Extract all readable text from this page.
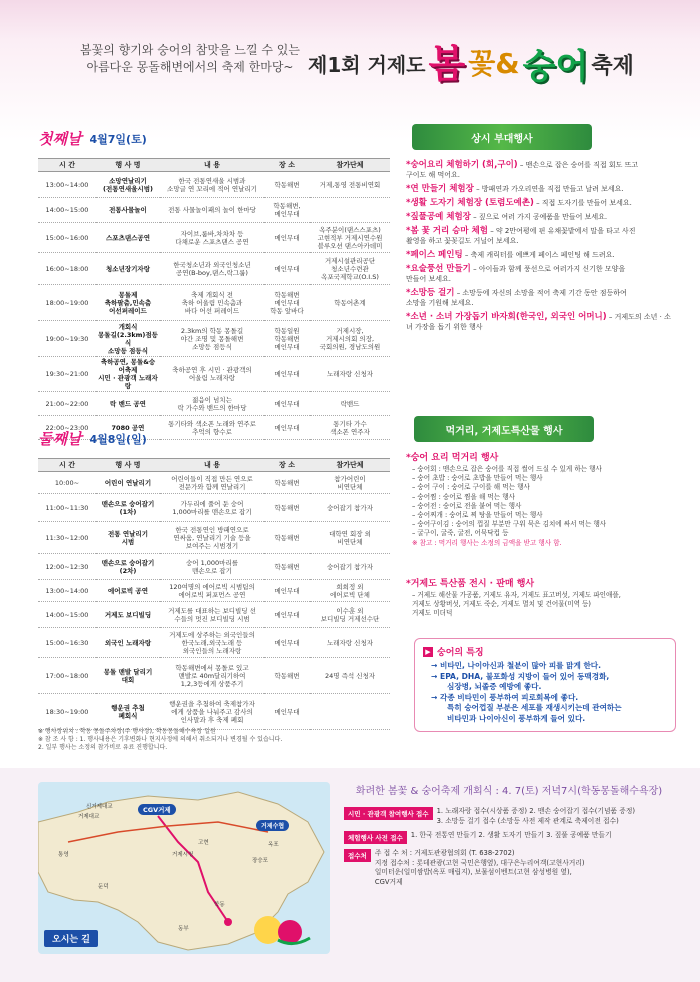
봄꽃의 향기와 숭어의 참맛을 느낄 수 있는
아름다운 몽돌해변에서의 축제 한마당~ 제1회 거제도 봄 꽃& 숭어 축제
첫째날 4월7일(토)
시 간	행 사 명	내 용	장 소	참가단체
13:00~14:00	소망연날리기
(전통연새울시범)	한국 전통연새울 시범과
소망글 연 꼬리에 적어 연날리기	학동해변	거제,통영 전통비연회
14:00~15:00	전통사물놀이	전통 사물놀이패의 놀이 한마당	학동해변,
메인무대	
15:00~16:00	스포츠댄스공연	자이브,룸바,차차차 등
다채로운 스포츠댄스 공연	메인무대	옥주분이(댄스스포츠)
고현적부 거제시연수원
블루오션 댄스아카데미
16:00~18:00	청소년장기자랑	한국청소년과 외국인청소년
공연(B-boy,댄스,락그룹)	메인무대	거제시설관리공단
청소년수련관
옥포국제학교(O.I.S)
18:00~19:00	몽돌제
축하팔춤,민속춤
어선퍼레이드	축제 개회식 전
축하 어울림 민속춤과
바다 어선 퍼레이드	학동해변
메인무대
학동 앞바다	학동어촌계
19:00~19:30	개회식
몽돌길(2.3km)점등식
소망등 점등식	2.3km의 학동 몽돌길
야간 조명 및 몽돌해변
소망등 점등식	학동일원
학동해변
메인무대	거제시장,
거제시의회 의장,
국회의원, 경남도의원
19:30~21:00	축하공연, 몽돌&숭어축제
시민 · 관광객 노래자랑	축하공연 후 시민 · 관광객의
어울림 노래자랑	메인무대	노래자랑 신청자
21:00~22:00	락 밴드 공연	젊음이 넘치는
락 가수와 밴드의 한마당	메인무대	락밴드
22:00~23:00	7080 공연	통기타와 색소폰 노래와 연주로
추억의 향수로	메인무대	통기타 가수
색소폰 연주자
둘째날 4월8일(일)
시 간	행 사 명	내 용	장 소	참가단체
10:00~	어린이 연날리기	어린이들이 직접 만든 연으로
전문가와 함께 연날리기	학동해변	참가어린이
비연단체
11:00~11:30	맨손으로 숭어잡기
(1차)	가두리에 풀어 둔 숭어
1,000마리를 맨손으로 잡기	학동해변	숭어잡기 참가자
11:30~12:00	전통 연날리기
시범	한국 전통연인 방패연으로
연싸움, 연날리기 기술 등을
보여주는 시범경기	학동해변	대학연 회장 외
비연단체
12:00~12:30	맨손으로 숭어잡기
(2차)	숭어 1,000마리를
맨손으로 잡기	학동해변	숭어잡기 참가자
13:00~14:00	에어로빅 공연	120여명의 에어로빅 시범팀의
에어로빅 퍼포먼스 공연	메인무대	희희정 외
에어로빅 단체
14:00~15:00	거제도 보디빌딩	거제도를 대표하는 보디빌딩 선
수들의 멋진 보디빌딩 시범	메인무대	이수훈 외
보디빌딩 거제선수단
15:00~16:30	외국인 노래자랑	거제도에 상주하는 외국인들의
한국노래,외국노래 등
외국인들의 노래자랑	메인무대	노래자랑 신청자
17:00~18:00	몽돌 맨발 달리기
대회	학동해변에서 몽돌로 있고
맨발로 40m달리기하여
1,2,3등에게 상품주기	학동해변	24명 즉석 신청자
18:30~19:00	행운권 추첨
폐회식	행운권을 추첨하여 축제참가자
에게 상품을 나눠주고 감사의
인사말과 후 축제 폐회	메인무대	
※ 행사장위치 : 학동 몽돌주차장(주 행사장), 학동몽돌해수욕장 일원
※ 참 조 사 항 : 1. 행사내용은 기후변화나 현지사정에 의해서 취소되거나 변경될 수 있습니다.
2. 일부 행사는 소정의 참가비로 유료 진행합니다.
상시 부대행사
*숭어요리 체험하기 (회,구이) – 맨손으로 잡은 숭어를 직접 회도 뜨고
구이도 해 먹어요.
*연 만들기 체험장 – 방패연과 가오리연을 직접 만들고 날려 보세요.
*생활 도자기 체험장 (토렴도예촌) – 직접 도자기를 만들어 보세요.
*짚풀공예 체험장 – 짚으로 여러 가지 공예품을 만들어 보세요.
*봄 꽃 거리 승마 체험 – 약 2만여평에 핀 유채꽃밭에서 말을 타고 사진
촬영을 하고 꽃꽂길도 거닐어 보세요.
*페이스 페인팅 – 축제 캐릭터를 예쁘게 페이스 페인팅 해 드려요.
*요술풍선 만들기 – 아이들과 함께 풍선으로 여러가지 신기한 모양을
만들어 보세요.
*소망등 걸기 – 소망등에 자신의 소망을 적어 축제 기간 동안 점등하여
소망을 기원해 보세요.
*소년 · 소녀 가장돕기 바자회(한국인, 외국인 어머니) – 거제도의 소년 · 소녀 가장을 돕기 위한 행사
먹거리, 거제도특산물 행사
*숭어 요리 먹거리 행사
– 숭어회 : 맨손으로 잡은 숭어를 직접 썰어 드실 수 있게 하는 행사
– 숭어 초밥 : 숭어로 초밥을 만들어 먹는 행사
– 숭어 구이 : 숭어로 구이를 해 먹는 행사
– 숭어찜 : 숭어로 찜을 해 먹는 행사
– 숭어전 : 숭어로 전을 붙여 먹는 행사
– 숭어찌개 : 숭어로 찌 탕을 만들어 먹는 행사
– 숭어구이김 : 숭어의 껍질 부분만 구워 묵은 김치에 싸서 먹는 행사
– 굴구이, 굴죽, 굴전, 어묵닥컵 등
※ 참고 : 먹거리 행사는 소정의 금액을 받고 행사 함.
*거제도 특산품 전시 · 판매 행사
– 거제도 해산물 가공품, 거제도 유자, 거제도 표고버섯, 거제도 파인애플,
거제도 상황버섯, 거제도 죽순, 거제도 멸치 및 건어물(미역 등)
거제도 미더덕
▶ 숭어의 특징
→ 비타민, 나이아신과 철분이 많아 피를 맑게 한다.
→ EPA, DHA, 불포화성 지방이 들어 있어 동맥경화,
심장병, 뇌졸증 예방에 좋다.
→ 각종 비타민이 풍부하여 피로회복에 좋다.
특히 숭어껍질 부분은 세포를 재생시키는데 관여하는
비타민과 나이아신이 풍부하게 들어 있다.
CGV거제
거제수협
신거제대교
거제대교
통영
둔덕
고현
거제시청
장승포
학동
동부
옥포
오시는 길
화려한 봄꽃 & 숭어축제 개회식 : 4. 7(토) 저녁7시(학동몽돌해수욕장)
시민 · 관광객 참여행사 접수	1. 노래자랑 접수(시상품 증정) 2. 맨손 숭어잡기 접수(기념품 증정)
3. 소망등 걸기 접수 (소망등 사전 제작 관계로 축제이전 접수)
체험행사 사전 접수	1. 한국 전통연 만들기 2. 생활 도자기 만들기 3. 짚풀 공예품 만들기
접수처	주 접 수 처 : 거제도관광협의회 (T. 638-2702)
지정 접수처 : 롯데관광(고현 국민은행옆), 대구은누리여객(고현사거리)
일미터운(일미쌈밥(옥포 매립지), 보물섬이벤트(고현 삼성병원 옆),
CGV거제
